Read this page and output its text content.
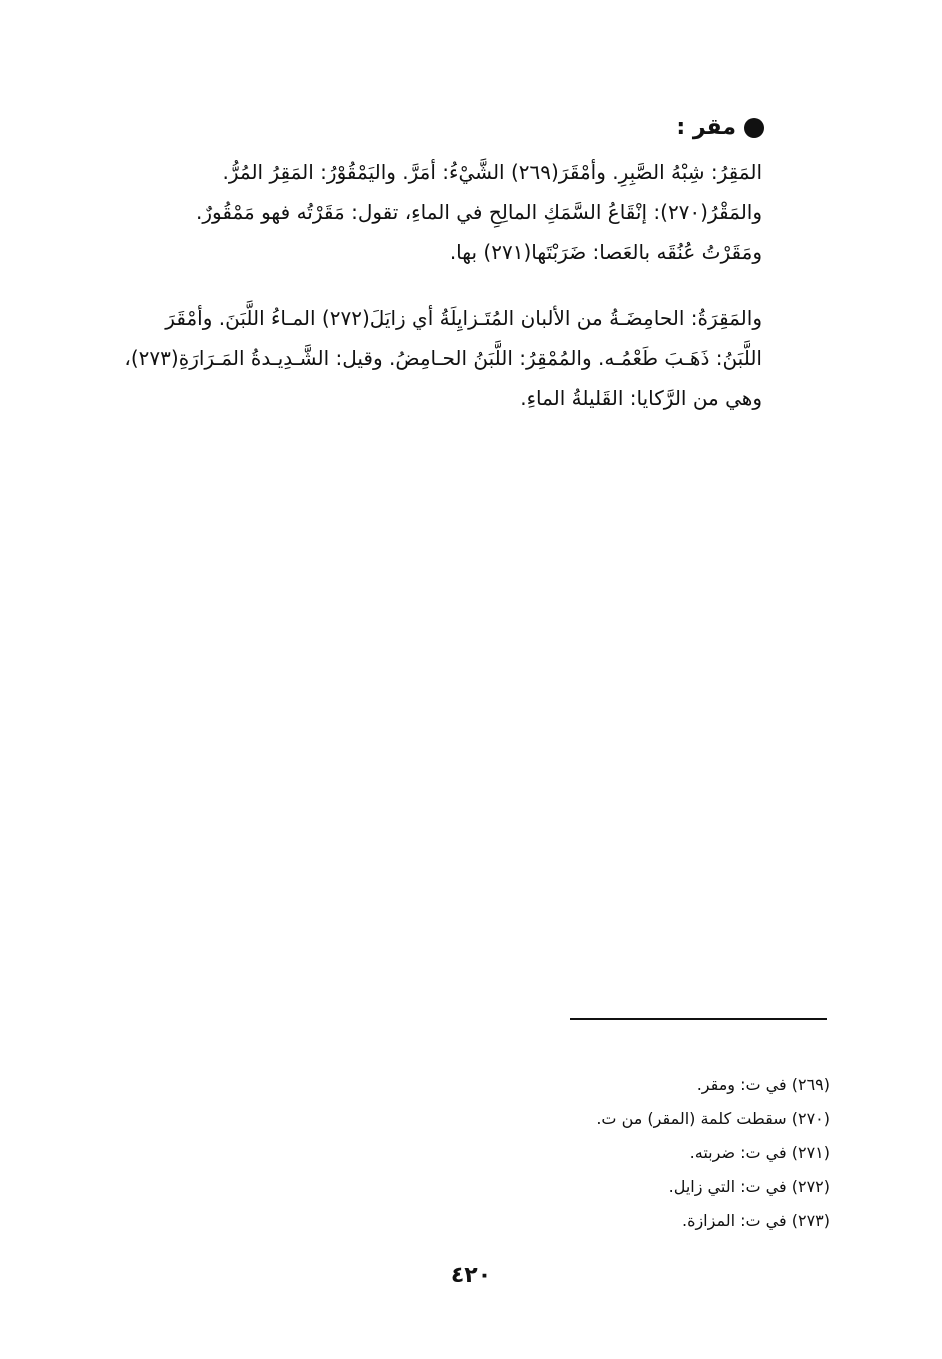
مقر :

المَقِرُ: شِبْهُ الصَّبِرِ. وأمْقَرَ(٢٦٩) الشَّيْءُ: أمَرَّ. واليَمْقُوْرُ: المَقِرُ المُرُّ.

والمَقْرُ(٢٧٠): إنْقَاعُ السَّمَكِ المالِحِ في الماءِ، تقول: مَقَرْتُه فهو مَمْقُورٌ.

ومَقَرْتُ عُنُقَه بالعَصا: ضَرَبْتَها(٢٧١) بها.

والمَقِرَةُ: الحامِضَـةُ من الألبان المُتَـزايِلَةُ أي زايَلَ(٢٧٢) المـاءُ اللَّبَنَ. وأمْقَرَ

اللَّبَنُ: ذَهَـبَ طَعْمُـه. والمُمْقِرُ: اللَّبَنُ الحـامِضُ. وقيل: الشَّـدِيـدةُ المَـرَارَةِ(٢٧٣)،

وهي من الرَّكايا: القَليلةُ الماءِ.

(٢٦٩) في ت: ومقر.

(٢٧٠) سقطت كلمة (المقر) من ت.

(٢٧١) في ت: ضربته.

(٢٧٢) في ت: التي زايل.

(٢٧٣) في ت: المزازة.

٤٢٠
